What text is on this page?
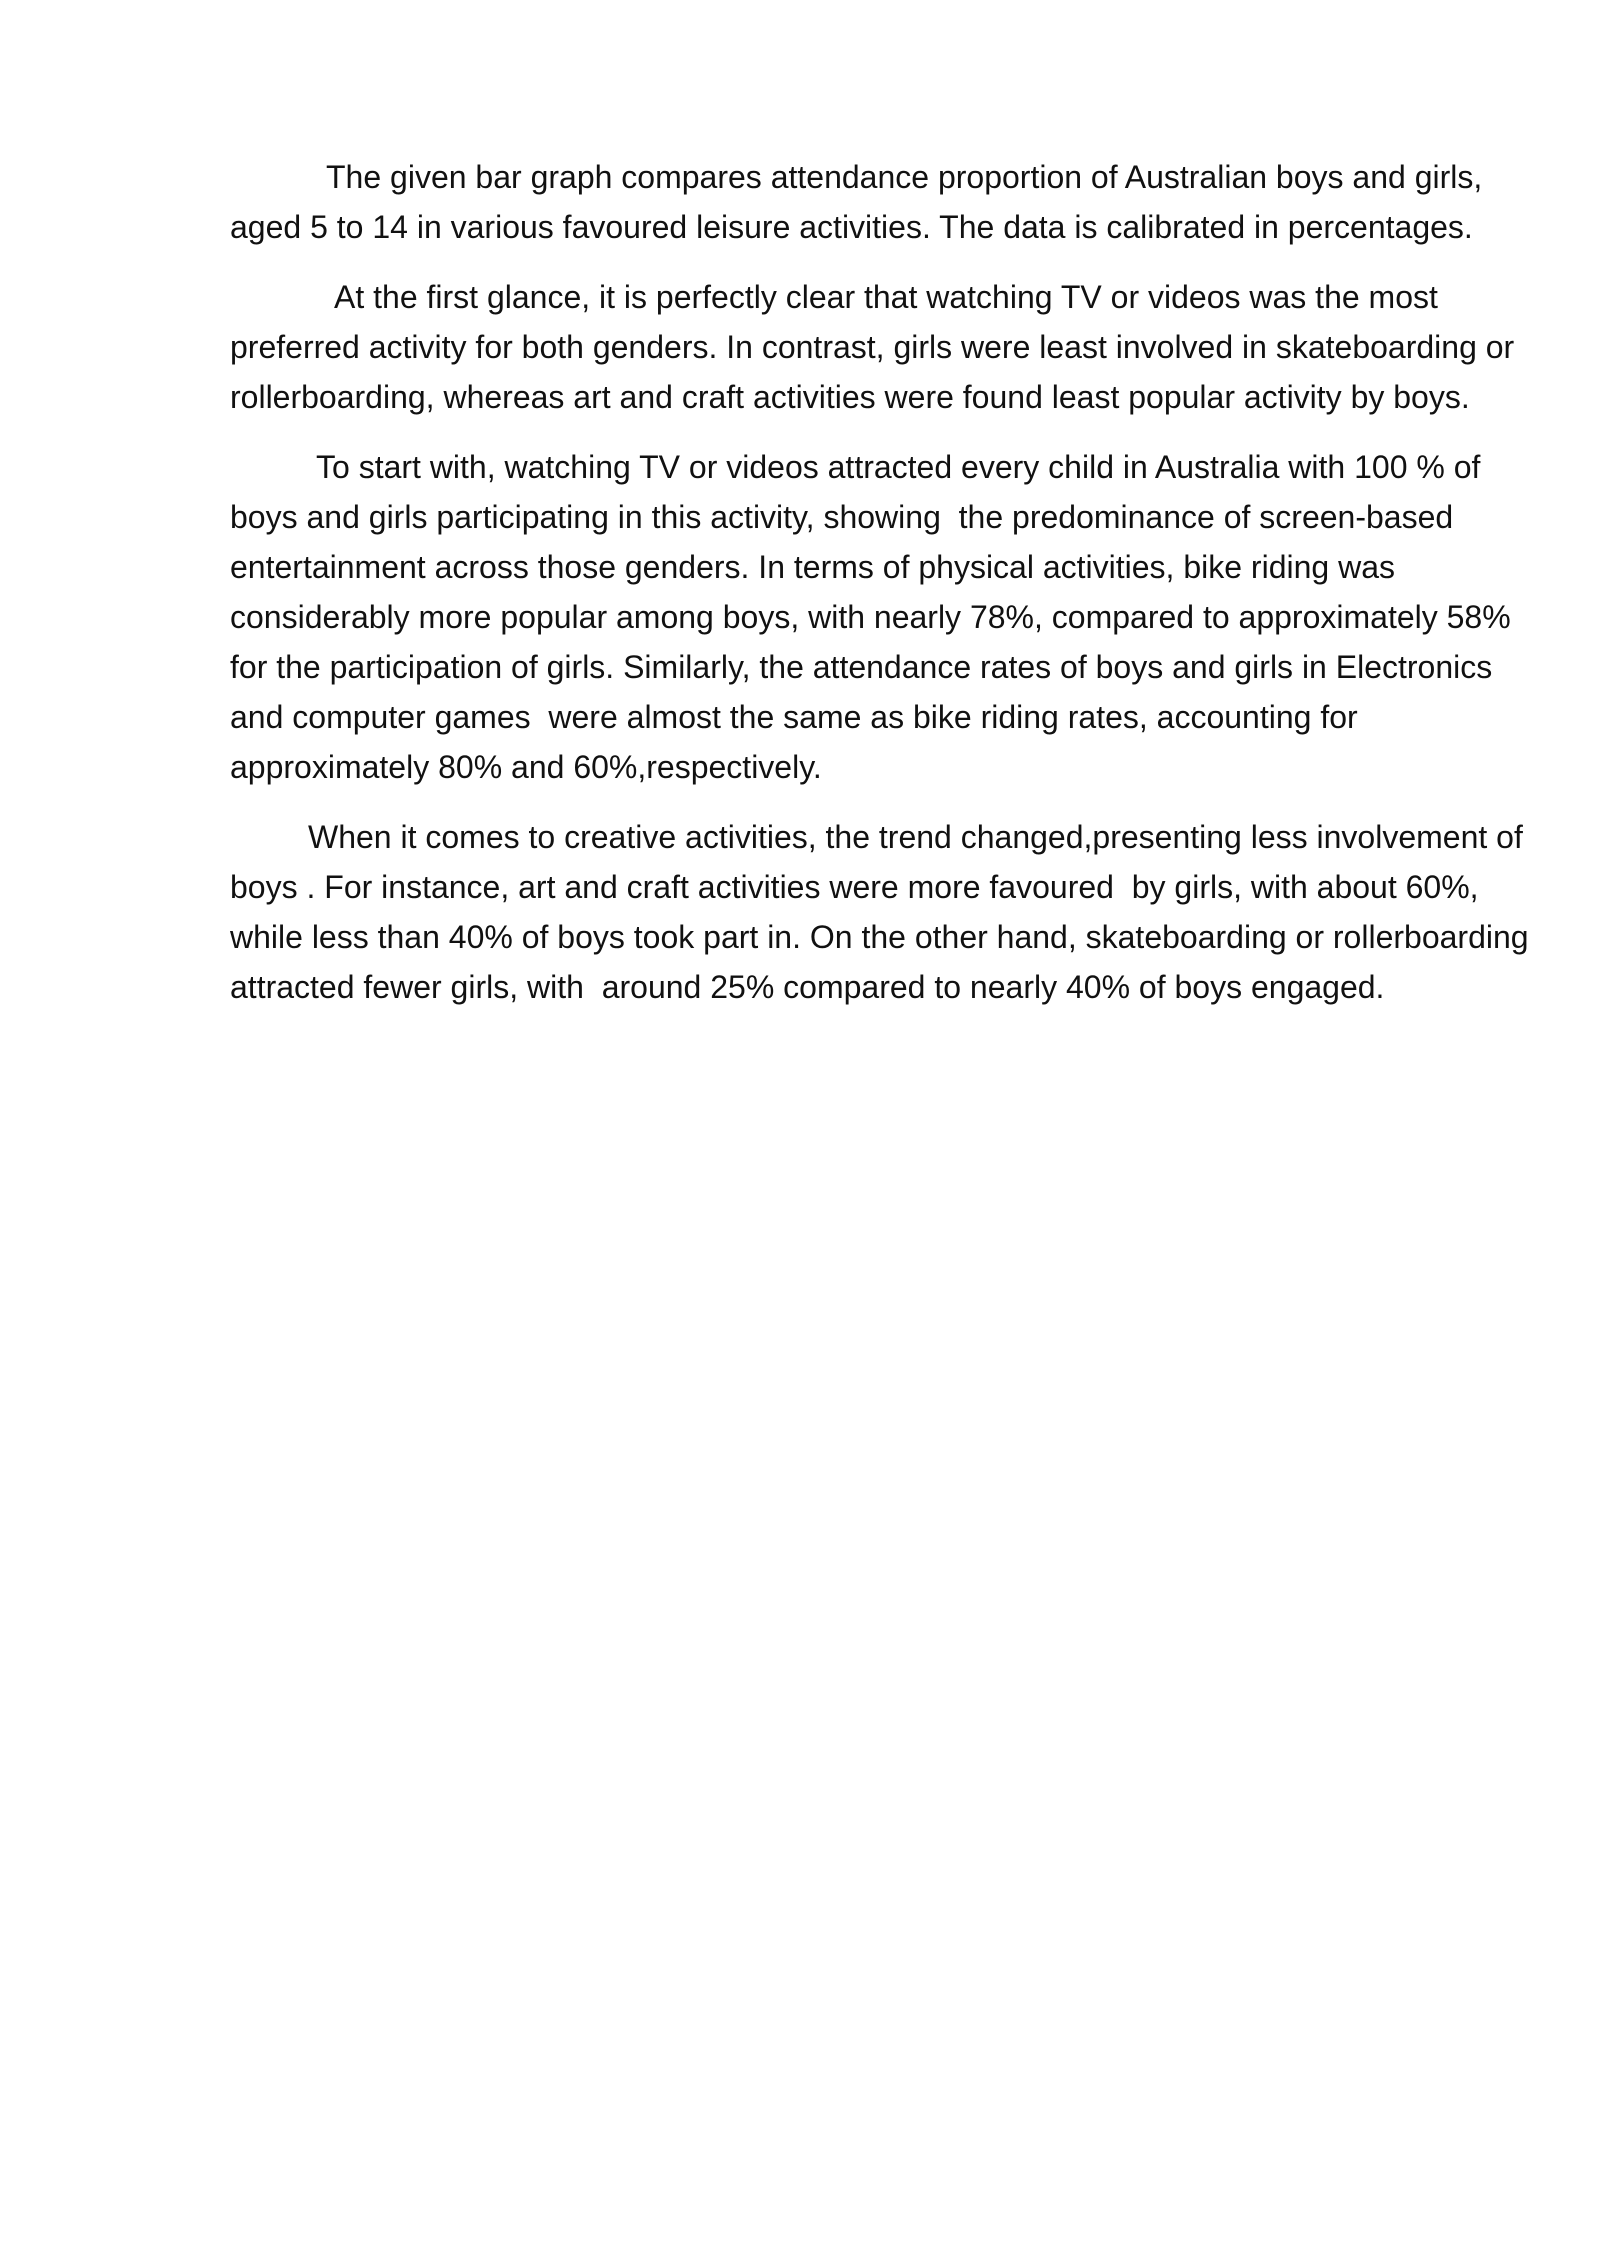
The given bar graph compares attendance proportion of Australian boys and girls, aged 5 to 14 in various favoured leisure activities. The data is calibrated in percentages.

At the first glance, it is perfectly clear that watching TV or videos was the most preferred activity for both genders. In contrast, girls were least involved in skateboarding or rollerboarding, whereas art and craft activities were found least popular activity by boys.

To start with, watching TV or videos attracted every child in Australia with 100 % of boys and girls participating in this activity, showing  the predominance of screen-based entertainment across those genders. In terms of physical activities, bike riding was considerably more popular among boys, with nearly 78%, compared to approximately 58% for the participation of girls. Similarly, the attendance rates of boys and girls in Electronics and computer games  were almost the same as bike riding rates, accounting for approximately 80% and 60%,respectively.

When it comes to creative activities, the trend changed,presenting less involvement of boys . For instance, art and craft activities were more favoured  by girls, with about 60%, while less than 40% of boys took part in. On the other hand, skateboarding or rollerboarding  attracted fewer girls, with  around 25% compared to nearly 40% of boys engaged.
